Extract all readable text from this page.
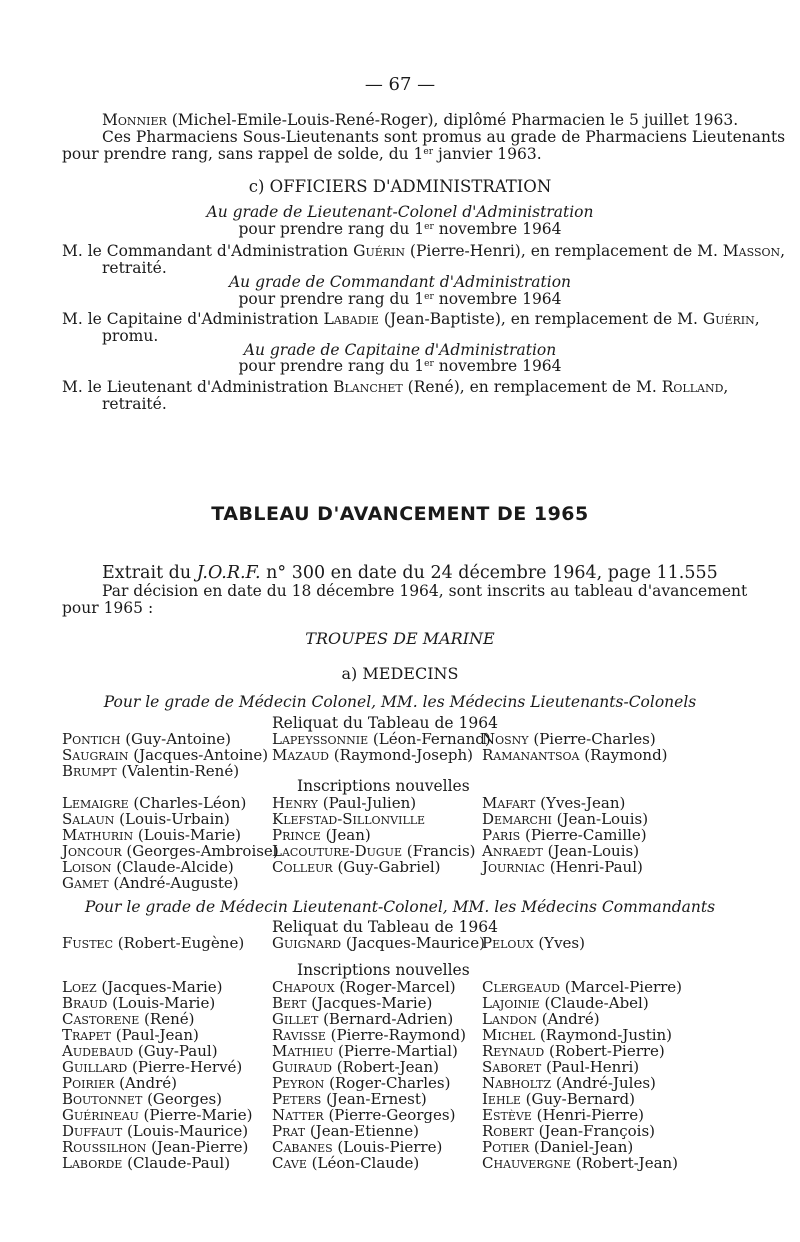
— 67 —
Monnier (Michel-Emile-Louis-René-Roger), diplômé Pharmacien le 5 juillet 1963.
Ces Pharmaciens Sous-Lieutenants sont promus au grade de Pharmaciens Lieutenants
pour prendre rang, sans rappel de solde, du 1er janvier 1963.
c) OFFICIERS D'ADMINISTRATION
Au grade de Lieutenant-Colonel d'Administration
pour prendre rang du 1er novembre 1964
M. le Commandant d'Administration Guérin (Pierre-Henri), en remplacement de M. Masson,
retraité.
Au grade de Commandant d'Administration
pour prendre rang du 1er novembre 1964
M. le Capitaine d'Administration Labadie (Jean-Baptiste), en remplacement de M. Guérin,
promu.
Au grade de Capitaine d'Administration
pour prendre rang du 1er novembre 1964
M. le Lieutenant d'Administration Blanchet (René), en remplacement de M. Rolland,
retraité.
TABLEAU D'AVANCEMENT DE 1965
Extrait du J.O.R.F. n° 300 en date du 24 décembre 1964, page 11.555
Par décision en date du 18 décembre 1964, sont inscrits au tableau d'avancement
pour 1965 :
TROUPES DE MARINE
a) MEDECINS
Pour le grade de Médecin Colonel, MM. les Médecins Lieutenants-Colonels
Reliquat du Tableau de 1964
Pontich (Guy-Antoine)
Saugrain (Jacques-Antoine)
Brumpt (Valentin-René)
Lapeyssonnie (Léon-Fernand)
Mazaud (Raymond-Joseph)
Nosny (Pierre-Charles)
Ramanantsoa (Raymond)
Inscriptions nouvelles
Lemaigre (Charles-Léon)
Salaun (Louis-Urbain)
Mathurin (Louis-Marie)
Joncour (Georges-Ambroise)
Loison (Claude-Alcide)
Gamet (André-Auguste)
Henry (Paul-Julien)
Klefstad-Sillonville
Prince (Jean)
Lacouture-Dugue (Francis)
Colleur (Guy-Gabriel)
Mafart (Yves-Jean)
Demarchi (Jean-Louis)
Paris (Pierre-Camille)
Anraedt (Jean-Louis)
Journiac (Henri-Paul)
Pour le grade de Médecin Lieutenant-Colonel, MM. les Médecins Commandants
Reliquat du Tableau de 1964
Fustec (Robert-Eugène) Guignard (Jacques-Maurice)
Peloux (Yves)
Inscriptions nouvelles
Loez (Jacques-Marie)
Braud (Louis-Marie)
Castorene (René)
Trapet (Paul-Jean)
Audebaud (Guy-Paul)
Guillard (Pierre-Hervé)
Poirier (André)
Boutonnet (Georges)
Guérineau (Pierre-Marie)
Duffaut (Louis-Maurice)
Roussilhon (Jean-Pierre)
Laborde (Claude-Paul)
Chapoux (Roger-Marcel)
Bert (Jacques-Marie)
Gillet (Bernard-Adrien)
Ravisse (Pierre-Raymond)
Mathieu (Pierre-Martial)
Guiraud (Robert-Jean)
Peyron (Roger-Charles)
Peters (Jean-Ernest)
Natter (Pierre-Georges)
Prat (Jean-Etienne)
Cabanes (Louis-Pierre)
Cave (Léon-Claude)
Clergeaud (Marcel-Pierre)
Lajoinie (Claude-Abel)
Landon (André)
Michel (Raymond-Justin)
Reynaud (Robert-Pierre)
Saboret (Paul-Henri)
Nabholtz (André-Jules)
Iehle (Guy-Bernard)
Estève (Henri-Pierre)
Robert (Jean-François)
Potier (Daniel-Jean)
Chauvergne (Robert-Jean)
